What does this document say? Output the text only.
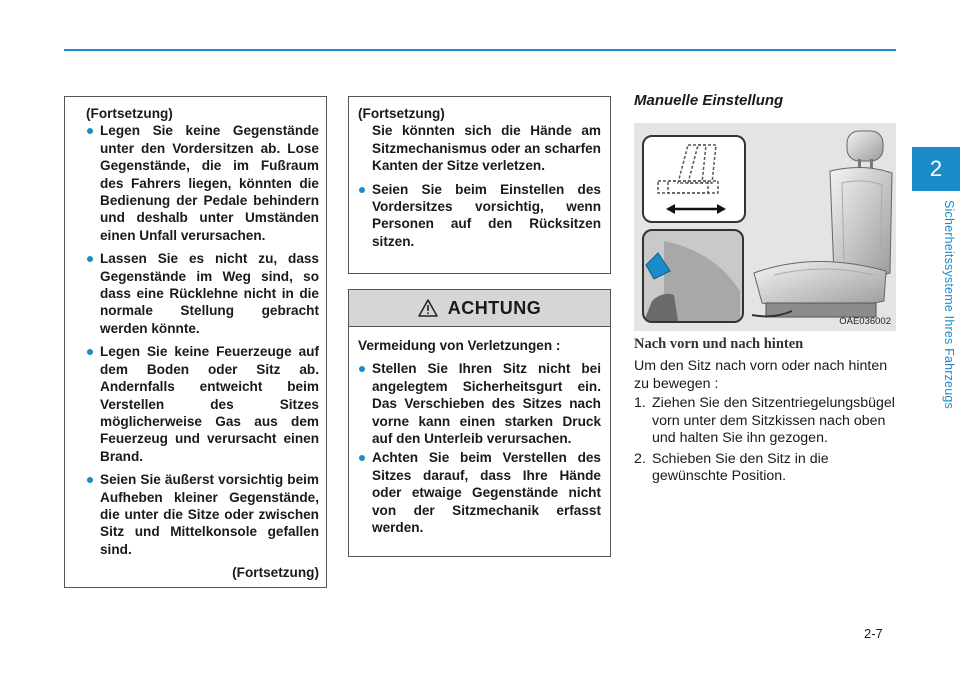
2
Sicherheitssysteme Ihres Fahrzeugs

(Fortsetzung)

Legen Sie keine Gegenstände unter den Vordersitzen ab. Lose Gegenstände, die im Fußraum des Fahrers liegen, könnten die Bedienung der Pedale behindern und deshalb unter Umständen einen Unfall verursachen.
Lassen Sie es nicht zu, dass Gegenstände im Weg sind, so dass eine Rücklehne nicht in die normale Stellung gebracht werden könnte.
Legen Sie keine Feuerzeuge auf dem Boden oder Sitz ab. Andernfalls entweicht beim Verstellen des Sitzes möglicherweise Gas aus dem Feuerzeug und verursacht einen Brand.
Seien Sie äußerst vorsichtig beim Aufheben kleiner Gegenstände, die unter die Sitze oder zwischen Sitz und Mittelkonsole gefallen sind.

(Fortsetzung)

(Fortsetzung)

Sie könnten sich die Hände am Sitzmechanismus oder an scharfen Kanten der Sitze verletzen.

Seien Sie beim Einstellen des Vordersitzes vorsichtig, wenn Personen auf den Rücksitzen sitzen.
ACHTUNG

Vermeidung von Verletzungen :

Stellen Sie Ihren Sitz nicht bei angelegtem Sicherheitsgurt ein. Das Verschieben des Sitzes nach vorne kann einen starken Druck auf den Unterleib verursachen.
Achten Sie beim Verstellen des Sitzes darauf, dass Ihre Hände oder etwaige Gegenstände nicht von der Sitzmechanik erfasst werden.
Manuelle Einstellung
OAE036002
Nach vorn und nach hinten

Um den Sitz nach vorn oder nach hinten zu bewegen :

1. Ziehen Sie den Sitzentriegelungsbügel vorn unter dem Sitzkissen nach oben und halten Sie ihn gezogen.
2. Schieben Sie den Sitz in die gewünschte Position.
2-7
